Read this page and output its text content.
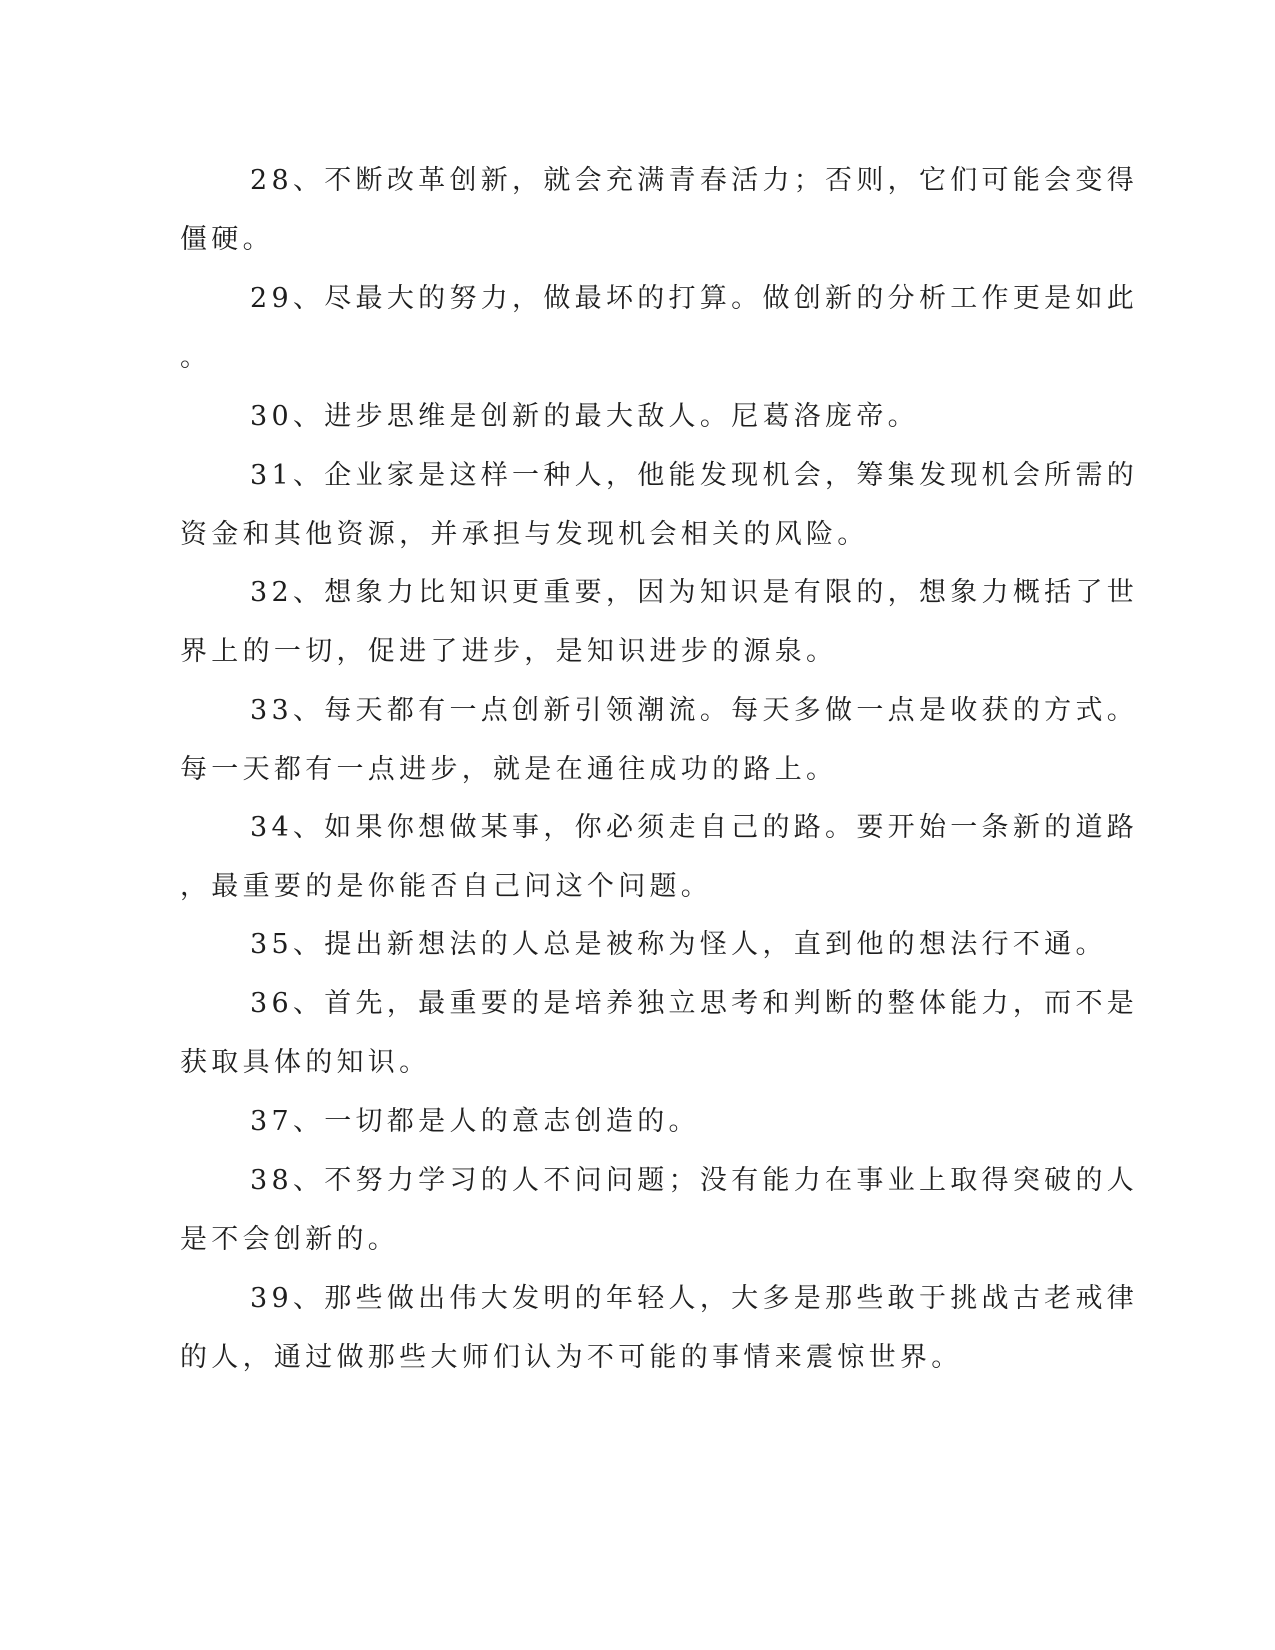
28、不断改革创新，就会充满青春活力；否则，它们可能会变得

僵硬。

29、尽最大的努力，做最坏的打算。做创新的分析工作更是如此

。

30、进步思维是创新的最大敌人。尼葛洛庞帝。

31、企业家是这样一种人，他能发现机会，筹集发现机会所需的

资金和其他资源，并承担与发现机会相关的风险。

32、想象力比知识更重要，因为知识是有限的，想象力概括了世

界上的一切，促进了进步，是知识进步的源泉。

33、每天都有一点创新引领潮流。每天多做一点是收获的方式。

每一天都有一点进步，就是在通往成功的路上。

34、如果你想做某事，你必须走自己的路。要开始一条新的道路

，最重要的是你能否自己问这个问题。

35、提出新想法的人总是被称为怪人，直到他的想法行不通。

36、首先，最重要的是培养独立思考和判断的整体能力，而不是

获取具体的知识。

37、一切都是人的意志创造的。

38、不努力学习的人不问问题；没有能力在事业上取得突破的人

是不会创新的。

39、那些做出伟大发明的年轻人，大多是那些敢于挑战古老戒律

的人，通过做那些大师们认为不可能的事情来震惊世界。
